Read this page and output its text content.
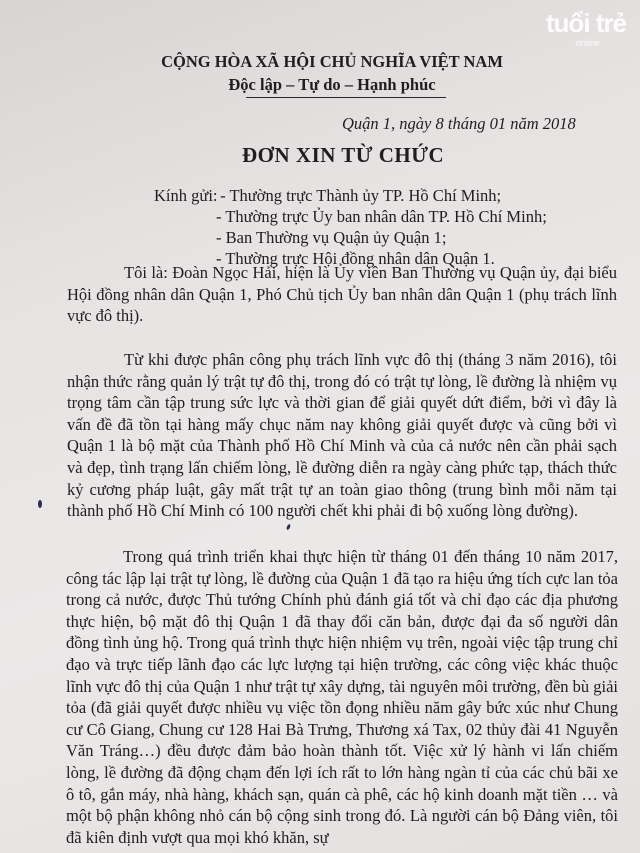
tuổi trẻ
online
CỘNG HÒA XÃ HỘI CHỦ NGHĨA VIỆT NAM
Độc lập – Tự do – Hạnh phúc
Quận 1, ngày 8 tháng 01 năm 2018
ĐƠN XIN TỪ CHỨC
Kính gửi: - Thường trực Thành ủy TP. Hồ Chí Minh;
- Thường trực Ủy ban nhân dân TP. Hồ Chí Minh;
- Ban Thường vụ Quận ủy Quận 1;
- Thường trực Hội đồng nhân dân Quận 1.

Tôi là: Đoàn Ngọc Hải, hiện là Ủy viên Ban Thường vụ Quận ủy, đại biểu Hội đồng nhân dân Quận 1, Phó Chủ tịch Ủy ban nhân dân Quận 1 (phụ trách lĩnh vực đô thị).

Từ khi được phân công phụ trách lĩnh vực đô thị (tháng 3 năm 2016), tôi nhận thức rằng quản lý trật tự đô thị, trong đó có trật tự lòng, lề đường là nhiệm vụ trọng tâm cần tập trung sức lực và thời gian để giải quyết dứt điểm, bởi vì đây là vấn đề đã tồn tại hàng mấy chục năm nay không giải quyết được và cũng bởi vì Quận 1 là bộ mặt của Thành phố Hồ Chí Minh và của cả nước nên cần phải sạch và đẹp, tình trạng lấn chiếm lòng, lề đường diễn ra ngày càng phức tạp, thách thức kỷ cương pháp luật, gây mất trật tự an toàn giao thông (trung bình mỗi năm tại thành phố Hồ Chí Minh có 100 người chết khi phải đi bộ xuống lòng đường).

Trong quá trình triển khai thực hiện từ tháng 01 đến tháng 10 năm 2017, công tác lập lại trật tự lòng, lề đường của Quận 1 đã tạo ra hiệu ứng tích cực lan tỏa trong cả nước, được Thủ tướng Chính phủ đánh giá tốt và chỉ đạo các địa phương thực hiện, bộ mặt đô thị Quận 1 đã thay đổi căn bản, được đại đa số người dân đồng tình ủng hộ. Trong quá trình thực hiện nhiệm vụ trên, ngoài việc tập trung chỉ đạo và trực tiếp lãnh đạo các lực lượng tại hiện trường, các công việc khác thuộc lĩnh vực đô thị của Quận 1 như trật tự xây dựng, tài nguyên môi trường, đền bù giải tỏa (đã giải quyết được nhiều vụ việc tồn đọng nhiều năm gây bức xúc như Chung cư Cô Giang, Chung cư 128 Hai Bà Trưng, Thương xá Tax, 02 thủy đài 41 Nguyễn Văn Tráng…) đều được đảm bảo hoàn thành tốt. Việc xử lý hành vi lấn chiếm lòng, lề đường đã động chạm đến lợi ích rất to lớn hàng ngàn tỉ của các chủ bãi xe ô tô, gắn máy, nhà hàng, khách sạn, quán cà phê, các hộ kinh doanh mặt tiền … và một bộ phận không nhỏ cán bộ cộng sinh trong đó. Là người cán bộ Đảng viên, tôi đã kiên định vượt qua mọi khó khăn, sự
